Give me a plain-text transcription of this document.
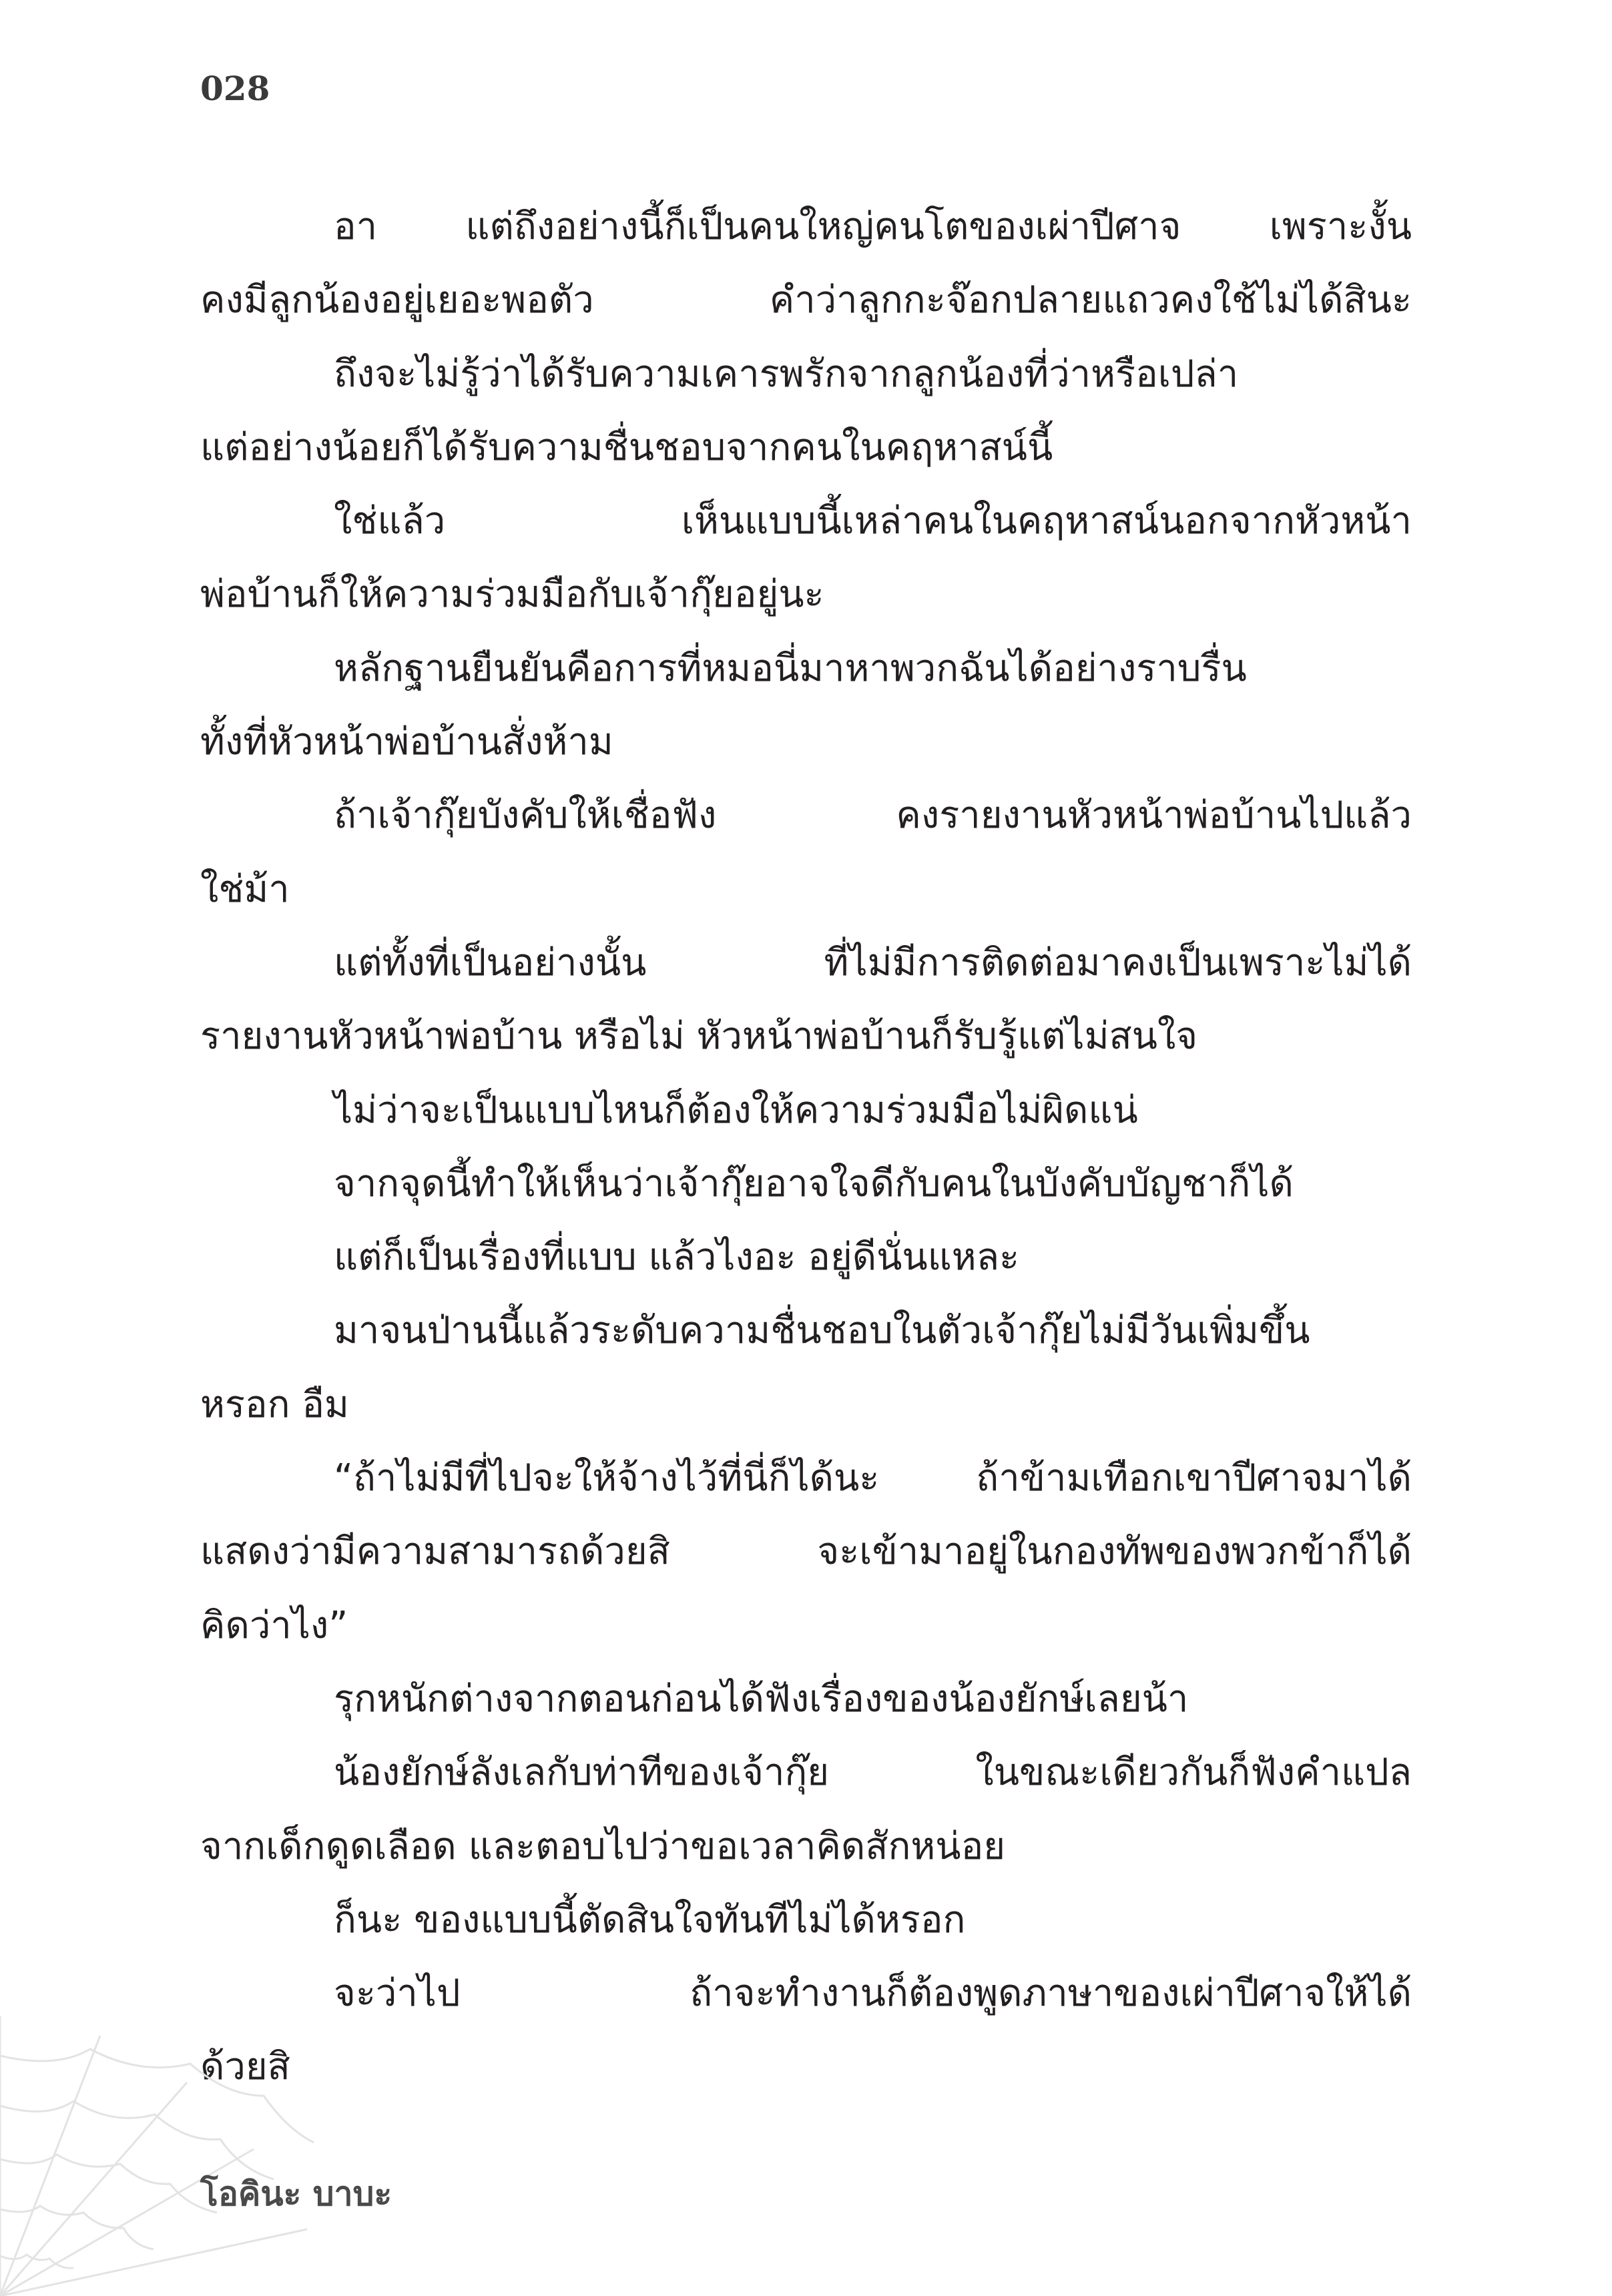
028
อา แต่ถึงอย่างนี้ก็เป็นคนใหญ่คนโตของเผ่าปีศาจ เพราะงั้น
คงมีลูกน้องอยู่เยอะพอตัว คำว่าลูกกะจ๊อกปลายแถวคงใช้ไม่ได้สินะ
ถึงจะไม่รู้ว่าได้รับความเคารพรักจากลูกน้องที่ว่าหรือเปล่า
แต่อย่างน้อยก็ได้รับความชื่นชอบจากคนในคฤหาสน์นี้
ใช่แล้ว เห็นแบบนี้เหล่าคนในคฤหาสน์นอกจากหัวหน้า
พ่อบ้านก็ให้ความร่วมมือกับเจ้ากุ๊ยอยู่นะ
หลักฐานยืนยันคือการที่หมอนี่มาหาพวกฉันได้อย่างราบรื่น
ทั้งที่หัวหน้าพ่อบ้านสั่งห้าม
ถ้าเจ้ากุ๊ยบังคับให้เชื่อฟัง คงรายงานหัวหน้าพ่อบ้านไปแล้ว
ใช่ม้า
แต่ทั้งที่เป็นอย่างนั้น ที่ไม่มีการติดต่อมาคงเป็นเพราะไม่ได้
รายงานหัวหน้าพ่อบ้าน หรือไม่ หัวหน้าพ่อบ้านก็รับรู้แต่ไม่สนใจ
ไม่ว่าจะเป็นแบบไหนก็ต้องให้ความร่วมมือไม่ผิดแน่
จากจุดนี้ทำให้เห็นว่าเจ้ากุ๊ยอาจใจดีกับคนในบังคับบัญชาก็ได้
แต่ก็เป็นเรื่องที่แบบ แล้วไงอะ อยู่ดีนั่นแหละ
มาจนป่านนี้แล้วระดับความชื่นชอบในตัวเจ้ากุ๊ยไม่มีวันเพิ่มขึ้น
หรอก อืม
“ถ้าไม่มีที่ไปจะให้จ้างไว้ที่นี่ก็ได้นะ ถ้าข้ามเทือกเขาปีศาจมาได้
แสดงว่ามีความสามารถด้วยสิ จะเข้ามาอยู่ในกองทัพของพวกข้าก็ได้
คิดว่าไง”
รุกหนักต่างจากตอนก่อนได้ฟังเรื่องของน้องยักษ์เลยน้า
น้องยักษ์ลังเลกับท่าทีของเจ้ากุ๊ย ในขณะเดียวกันก็ฟังคำแปล
จากเด็กดูดเลือด และตอบไปว่าขอเวลาคิดสักหน่อย
ก็นะ ของแบบนี้ตัดสินใจทันทีไม่ได้หรอก
จะว่าไป ถ้าจะทำงานก็ต้องพูดภาษาของเผ่าปีศาจให้ได้
ด้วยสิ
โอคินะ บาบะ
